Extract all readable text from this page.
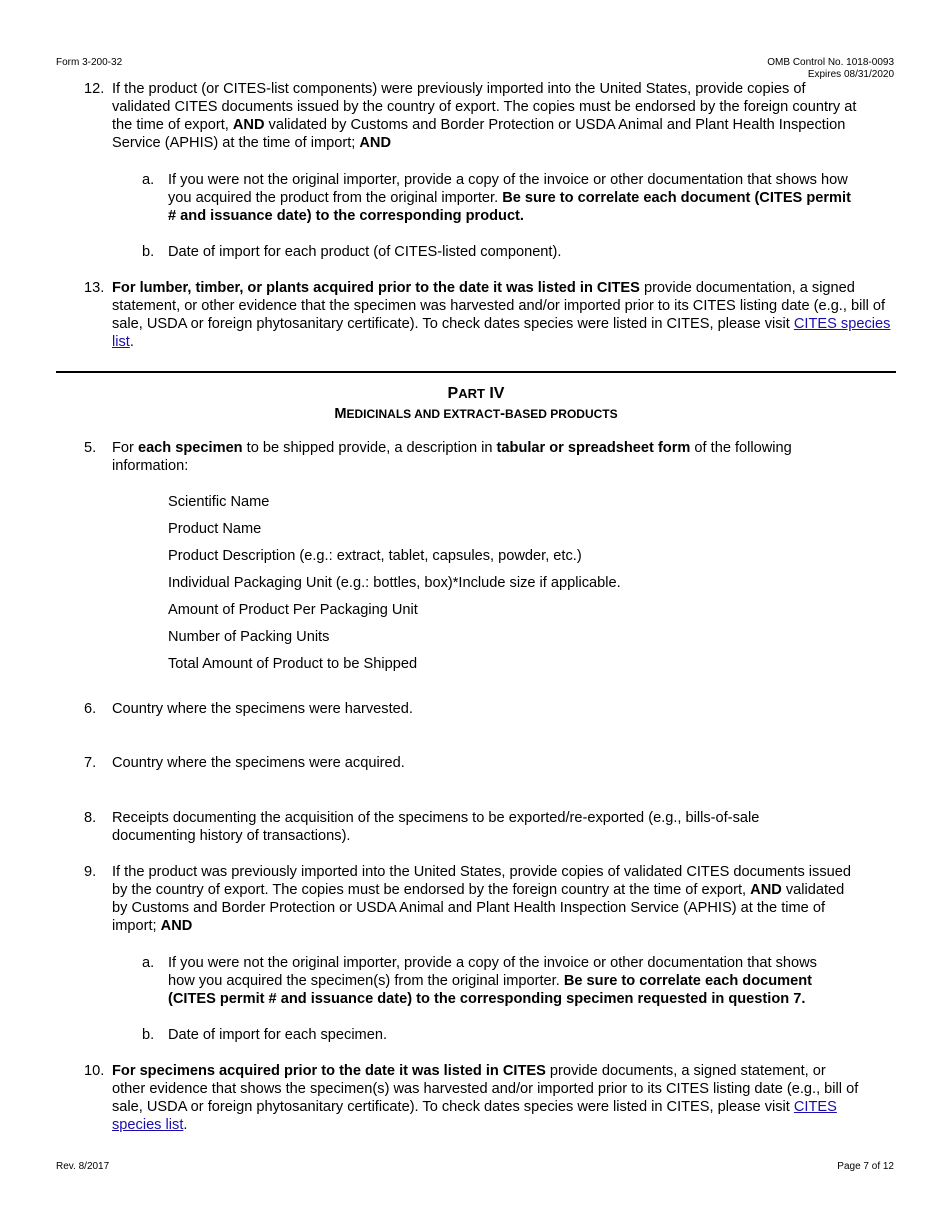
Form 3-200-32	OMB Control No. 1018-0093
Expires 08/31/2020
12. If the product (or CITES-list components) were previously imported into the United States, provide copies of validated CITES documents issued by the country of export. The copies must be endorsed by the foreign country at the time of export, AND validated by Customs and Border Protection or USDA Animal and Plant Health Inspection Service (APHIS) at the time of import; AND
a. If you were not the original importer, provide a copy of the invoice or other documentation that shows how you acquired the product from the original importer. Be sure to correlate each document (CITES permit # and issuance date) to the corresponding product.
b. Date of import for each product (of CITES-listed component).
13. For lumber, timber, or plants acquired prior to the date it was listed in CITES provide documentation, a signed statement, or other evidence that the specimen was harvested and/or imported prior to its CITES listing date (e.g., bill of sale, USDA or foreign phytosanitary certificate). To check dates species were listed in CITES, please visit CITES species list.
PART IV
MEDICINALS AND EXTRACT-BASED PRODUCTS
5. For each specimen to be shipped provide, a description in tabular or spreadsheet form of the following information:
Scientific Name
Product Name
Product Description (e.g.: extract, tablet, capsules, powder, etc.)
Individual Packaging Unit (e.g.: bottles, box)*Include size if applicable.
Amount of Product Per Packaging Unit
Number of Packing Units
Total Amount of Product to be Shipped
6. Country where the specimens were harvested.
7. Country where the specimens were acquired.
8. Receipts documenting the acquisition of the specimens to be exported/re-exported (e.g., bills-of-sale documenting history of transactions).
9. If the product was previously imported into the United States, provide copies of validated CITES documents issued by the country of export. The copies must be endorsed by the foreign country at the time of export, AND validated by Customs and Border Protection or USDA Animal and Plant Health Inspection Service (APHIS) at the time of import; AND
a. If you were not the original importer, provide a copy of the invoice or other documentation that shows how you acquired the specimen(s) from the original importer. Be sure to correlate each document (CITES permit # and issuance date) to the corresponding specimen requested in question 7.
b. Date of import for each specimen.
10. For specimens acquired prior to the date it was listed in CITES provide documents, a signed statement, or other evidence that shows the specimen(s) was harvested and/or imported prior to its CITES listing date (e.g., bill of sale, USDA or foreign phytosanitary certificate). To check dates species were listed in CITES, please visit CITES species list.
Rev. 8/2017	Page 7 of 12
